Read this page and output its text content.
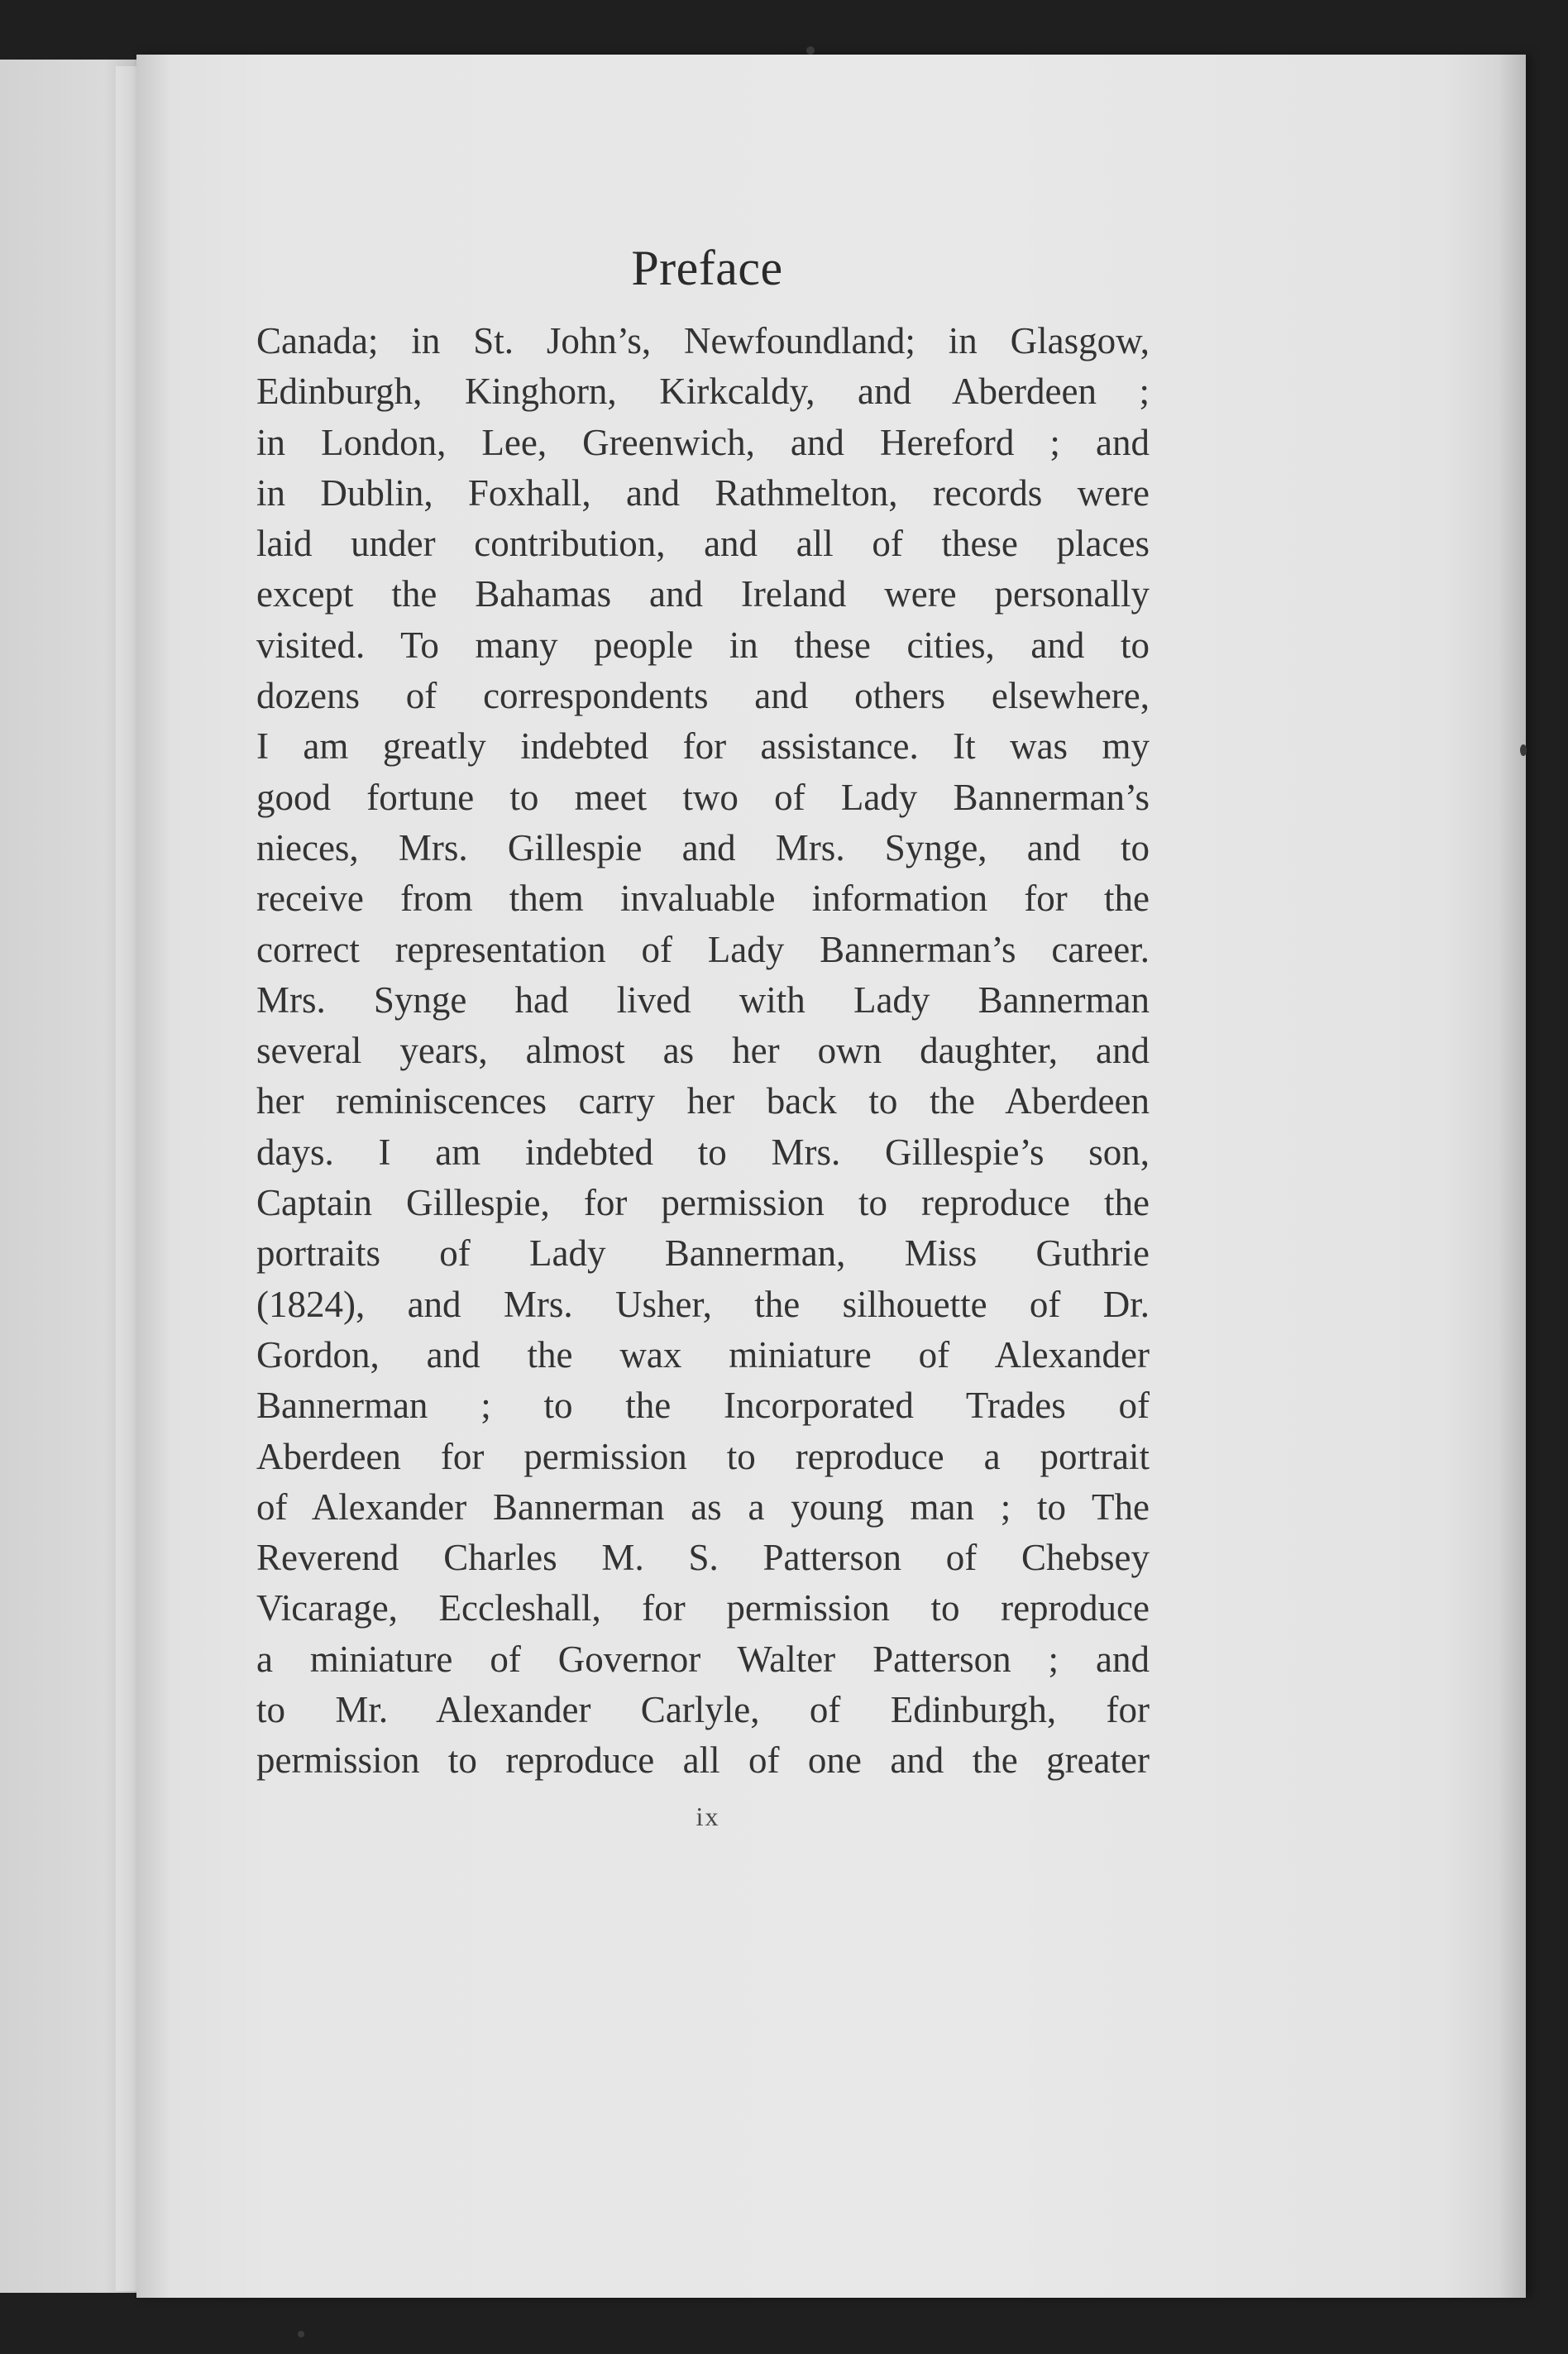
Preface
Canada; in St. John’s, Newfoundland; in Glasgow,
Edinburgh, Kinghorn, Kirkcaldy, and Aberdeen ;
in London, Lee, Greenwich, and Hereford ; and
in Dublin, Foxhall, and Rathmelton, records were
laid under contribution, and all of these places
except the Bahamas and Ireland were personally
visited. To many people in these cities, and to
dozens of correspondents and others elsewhere,
I am greatly indebted for assistance. It was my
good fortune to meet two of Lady Bannerman’s
nieces, Mrs. Gillespie and Mrs. Synge, and to
receive from them invaluable information for the
correct representation of Lady Bannerman’s career.
Mrs. Synge had lived with Lady Bannerman
several years, almost as her own daughter, and
her reminiscences carry her back to the Aberdeen
days. I am indebted to Mrs. Gillespie’s son,
Captain Gillespie, for permission to reproduce the
portraits of Lady Bannerman, Miss Guthrie
(1824), and Mrs. Usher, the silhouette of Dr.
Gordon, and the wax miniature of Alexander
Bannerman ; to the Incorporated Trades of
Aberdeen for permission to reproduce a portrait
of Alexander Bannerman as a young man ; to The
Reverend Charles M. S. Patterson of Chebsey
Vicarage, Eccleshall, for permission to reproduce
a miniature of Governor Walter Patterson ; and
to Mr. Alexander Carlyle, of Edinburgh, for
permission to reproduce all of one and the greater
ix
